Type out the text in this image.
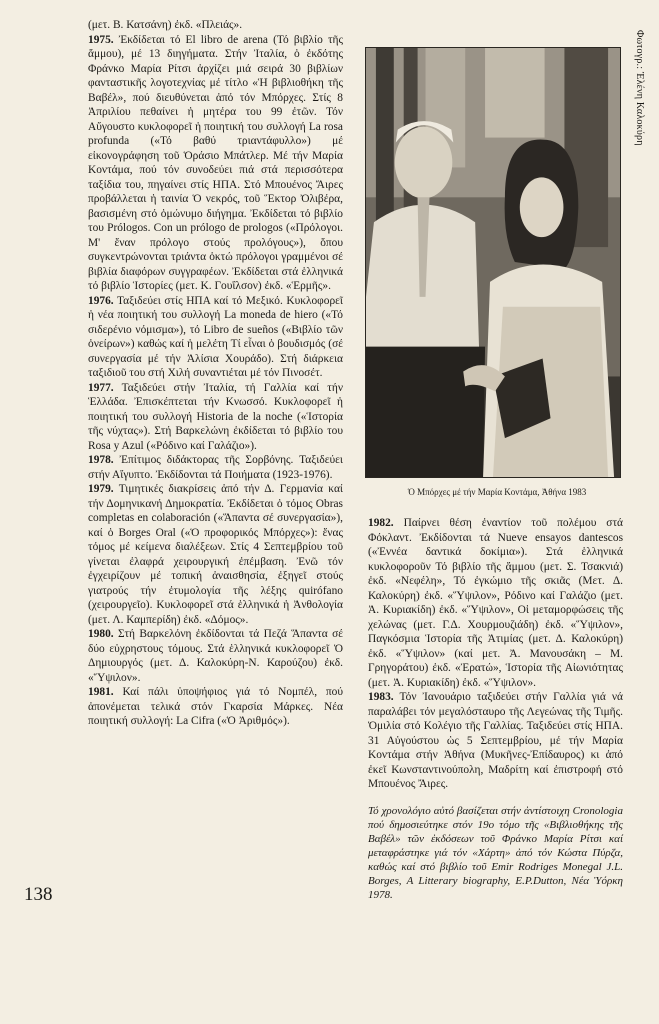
138

(μετ. Β. Κατσάνη) ἐκδ. «Πλειάς».

1975. Ἐκδίδεται τό El libro de arena (Τό βιβλίο τῆς ἄμμου), μέ 13 διηγήματα. Στήν Ἰταλία, ὁ ἐκδότης Φράνκο Μαρία Ρίτσι ἀρχίζει μιά σειρά 30 βιβλίων φανταστικῆς λογοτεχνίας μέ τίτλο «Ἡ βιβλιοθήκη τῆς Βαβέλ», πού διευθύνεται ἀπό τόν Μπόρχες. Στίς 8 Ἀπριλίου πεθαίνει ἡ μητέρα του 99 ἐτῶν. Τόν Αὔγουστο κυκλοφορεῖ ἡ ποιητική του συλλογή La rosa profunda («Τό βαθύ τριαντάφυλλο») μέ εἰκονογράφηση τοῦ Ὁράσιο Μπάτλερ. Μέ τήν Μαρία Κοντάμα, πού τόν συνοδεύει πιά στά περισσότερα ταξίδια του, πηγαίνει στίς ΗΠΑ. Στό Μπουένος Ἄιρες προβάλλεται ἡ ταινία Ὁ νεκρός, τοῦ Ἕκτορ Ὀλιβέρα, βασισμένη στό ὁμώνυμο διήγημα. Ἐκδίδεται τό βιβλίο του Prólogos. Con un prólogo de prologos («Πρόλογοι. Μ' ἕναν πρόλογο στούς προλόγους»), ὅπου συγκεντρώνονται τριάντα ὀκτώ πρόλογοι γραμμένοι σέ βιβλία διαφόρων συγγραφέων. Ἐκδίδεται στά ἑλληνικά τό βιβλίο Ἱστορίες (μετ. Κ. Γουΐλσον) ἐκδ. «Ἑρμῆς».

1976. Ταξιδεύει στίς ΗΠΑ καί τό Μεξικό. Κυκλοφορεῖ ἡ νέα ποιητική του συλλογή La moneda de hiero («Τό σιδερένιο νόμισμα»), τό Libro de sueños («Βιβλίο τῶν ὀνείρων») καθώς καί ἡ μελέτη Τί εἶναι ὁ βουδισμός (σέ συνεργασία μέ τήν Ἀλίσια Χουράδο). Στή διάρκεια ταξιδιοῦ του στή Χιλή συναντιέται μέ τόν Πινοσέτ.

1977. Ταξιδεύει στήν Ἰταλία, τή Γαλλία καί τήν Ἑλλάδα. Ἐπισκέπτεται τήν Κνωσσό. Κυκλοφορεῖ ἡ ποιητική του συλλογή Historia de la noche («Ἱστορία τῆς νύχτας»). Στή Βαρκελώνη ἐκδίδεται τό βιβλίο του Rosa y Azul («Ρόδινο καί Γαλάζιο»).

1978. Ἐπίτιμος διδάκτορας τῆς Σορβόνης. Ταξιδεύει στήν Αἴγυπτο. Ἐκδίδονται τά Ποιήματα (1923-1976).

1979. Τιμητικές διακρίσεις ἀπό τήν Δ. Γερμανία καί τήν Δομηνικανή Δημοκρατία. Ἐκδίδεται ὁ τόμος Obras completas en colaboración («Ἅπαντα σέ συνεργασία»), καί ὁ Borges Oral («Ὁ προφορικός Μπόρχες»): ἕνας τόμος μέ κείμενα διαλέξεων. Στίς 4 Σεπτεμβρίου τοῦ γίνεται ἐλαφρά χειρουργική ἐπέμβαση. Ἐνῶ τόν ἐγχειρίζουν μέ τοπική ἀναισθησία, ἐξηγεῖ στούς γιατρούς τήν ἐτυμολογία τῆς λέξης quirófano (χειρουργεῖο). Κυκλοφορεῖ στά ἑλληνικά ἡ Ἀνθολογία (μετ. Λ. Καμπερίδη) ἐκδ. «Δόμος».

1980. Στή Βαρκελόνη ἐκδίδονται τά Πεζά Ἅπαντα σέ δύο εὐχρηστους τόμους. Στά ἑλληνικά κυκλοφορεῖ Ὁ Δημιουργός (μετ. Δ. Καλοκύρη-Ν. Καρούζου) ἐκδ. «Ὕψιλον».

1981. Καί πάλι ὑποψήφιος γιά τό Νομπέλ, πού ἀπονέμεται τελικά στόν Γκαρσία Μάρκες. Νέα ποιητική συλλογή: La Cifra («Ὁ Ἀριθμός»).

Ὁ Μπόρχες μέ τήν Μαρία Κοντάμα, Ἀθήνα 1983
Φωτογρ.: Ἐλένη Καλοκύρη

1982. Παίρνει θέση ἐναντίον τοῦ πολέμου στά Φόκλαντ. Ἐκδίδονται τά Nueve ensayos dantescos («Ἐννέα δαντικά δοκίμια»). Στά ἑλληνικά κυκλοφοροῦν Τό βιβλίο τῆς ἄμμου (μετ. Σ. Τσακνιά) ἐκδ. «Νεφέλη», Τό ἐγκώμιο τῆς σκιᾶς (Μετ. Δ. Καλοκύρη) ἐκδ. «Ὕψιλον», Ρόδινο καί Γαλάζιο (μετ. Ἀ. Κυριακίδη) ἐκδ. «Ὕψιλον», Οἱ μεταμορφώσεις τῆς χελώνας (μετ. Γ.Δ. Χουρμουζιάδη) ἐκδ. «Ὕψιλον», Παγκόσμια Ἱστορία τῆς Ἀτιμίας (μετ. Δ. Καλοκύρη) ἐκδ. «Ὕψιλον» (καί μετ. Ἀ. Μανουσάκη – Μ. Γρηγοράτου) ἐκδ. «Ἐρατώ», Ἱστορία τῆς Αἰωνιότητας (μετ. Ἀ. Κυριακίδη) ἐκδ. «Ὕψιλον».

1983. Τόν Ἰανουάριο ταξιδεύει στήν Γαλλία γιά νά παραλάβει τόν μεγαλόσταυρο τῆς Λεγεώνας τῆς Τιμῆς. Ὁμιλία στό Κολέγιο τῆς Γαλλίας. Ταξιδεύει στίς ΗΠΑ. 31 Αὐγούστου ὡς 5 Σεπτεμβρίου, μέ τήν Μαρία Κοντάμα στήν Ἀθήνα (Μυκῆνες-Ἐπίδαυρος) κι ἀπό ἐκεῖ Κωνσταντινούπολη, Μαδρίτη καί ἐπιστροφή στό Μπουένος Ἄιρες.

Τό χρονολόγιο αὐτό βασίζεται στήν ἀντίστοιχη Cronologia πού δημοσιεύτηκε στόν 19ο τόμο τῆς «Βιβλιοθήκης τῆς Βαβέλ» τῶν ἐκδόσεων τοῦ Φράνκο Μαρία Ρίτσι καί μεταφράστηκε γιά τόν «Χάρτη» ἀπό τόν Κώστα Πύρζα, καθώς καί στό βιβλίο τοῦ Emir Rodriges Monegal J.L. Borges, A Litterary biography, E.P.Dutton, Νέα Ὑόρκη 1978.
